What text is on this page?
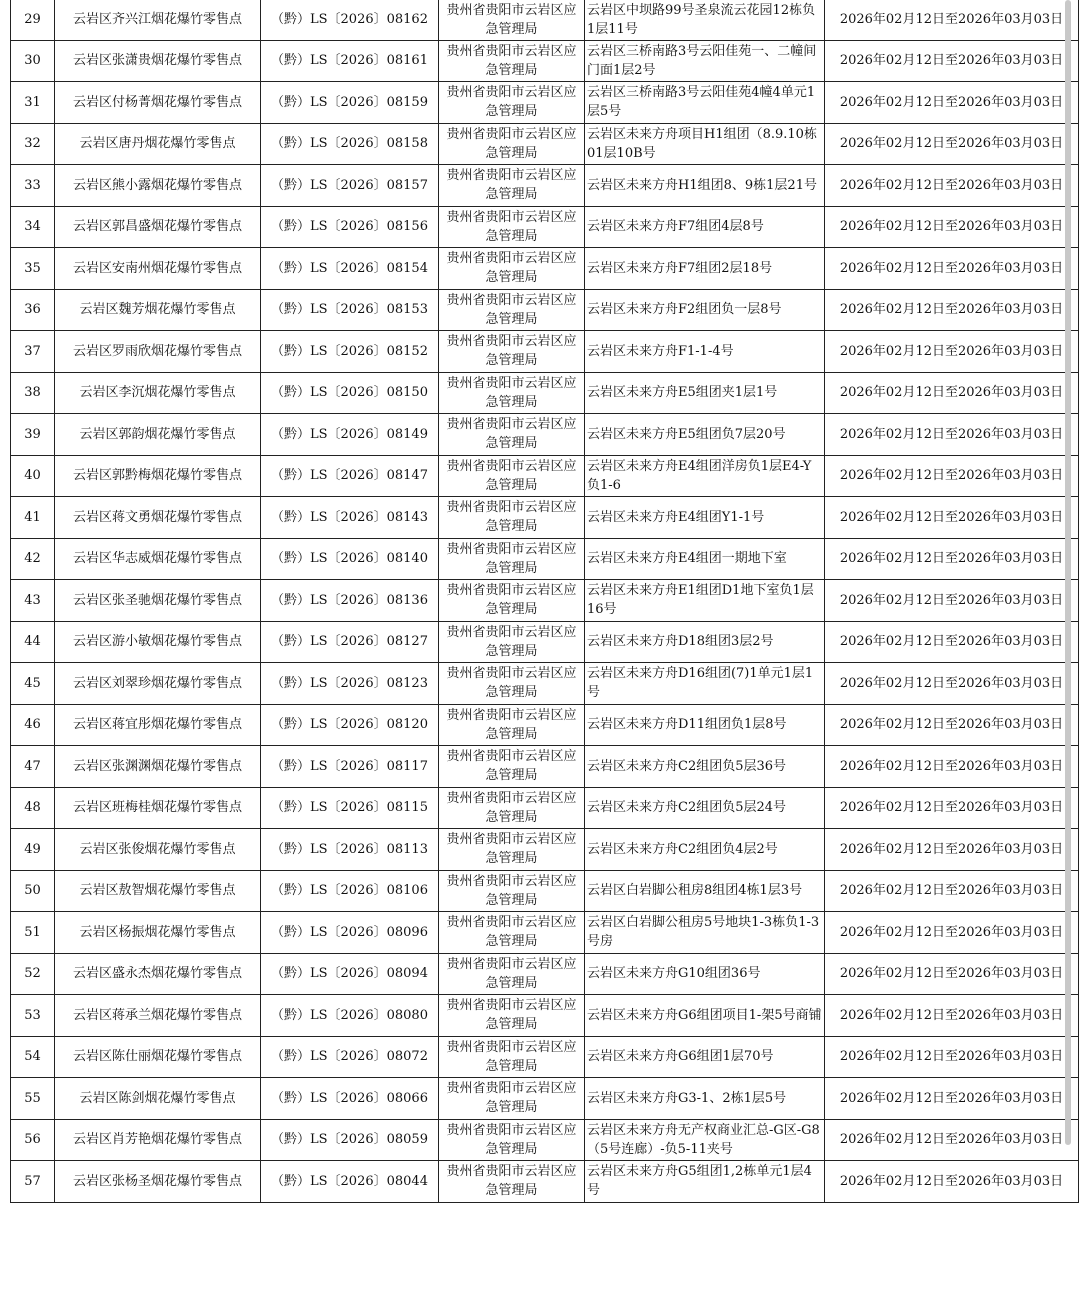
29	云岩区齐兴江烟花爆竹零售点	（黔）LS〔2026〕08162	贵州省贵阳市云岩区应急管理局	云岩区中坝路99号圣泉流云花园12栋负1层11号	2026年02月12日至2026年03月03日
30	云岩区张潇贵烟花爆竹零售点	（黔）LS〔2026〕08161	贵州省贵阳市云岩区应急管理局	云岩区三桥南路3号云阳佳苑一、二幢间门面1层2号	2026年02月12日至2026年03月03日
31	云岩区付杨菁烟花爆竹零售点	（黔）LS〔2026〕08159	贵州省贵阳市云岩区应急管理局	云岩区三桥南路3号云阳佳苑4幢4单元1层5号	2026年02月12日至2026年03月03日
32	云岩区唐丹烟花爆竹零售点	（黔）LS〔2026〕08158	贵州省贵阳市云岩区应急管理局	云岩区未来方舟项目H1组团（8.9.10栋01层10B号	2026年02月12日至2026年03月03日
33	云岩区熊小露烟花爆竹零售点	（黔）LS〔2026〕08157	贵州省贵阳市云岩区应急管理局	云岩区未来方舟H1组团8、9栋1层21号	2026年02月12日至2026年03月03日
34	云岩区郭昌盛烟花爆竹零售点	（黔）LS〔2026〕08156	贵州省贵阳市云岩区应急管理局	云岩区未来方舟F7组团4层8号	2026年02月12日至2026年03月03日
35	云岩区安南州烟花爆竹零售点	（黔）LS〔2026〕08154	贵州省贵阳市云岩区应急管理局	云岩区未来方舟F7组团2层18号	2026年02月12日至2026年03月03日
36	云岩区魏芳烟花爆竹零售点	（黔）LS〔2026〕08153	贵州省贵阳市云岩区应急管理局	云岩区未来方舟F2组团负一层8号	2026年02月12日至2026年03月03日
37	云岩区罗雨欣烟花爆竹零售点	（黔）LS〔2026〕08152	贵州省贵阳市云岩区应急管理局	云岩区未来方舟F1-1-4号	2026年02月12日至2026年03月03日
38	云岩区李沉烟花爆竹零售点	（黔）LS〔2026〕08150	贵州省贵阳市云岩区应急管理局	云岩区未来方舟E5组团夹1层1号	2026年02月12日至2026年03月03日
39	云岩区郭韵烟花爆竹零售点	（黔）LS〔2026〕08149	贵州省贵阳市云岩区应急管理局	云岩区未来方舟E5组团负7层20号	2026年02月12日至2026年03月03日
40	云岩区郭黔梅烟花爆竹零售点	（黔）LS〔2026〕08147	贵州省贵阳市云岩区应急管理局	云岩区未来方舟E4组团洋房负1层E4-Y负1-6	2026年02月12日至2026年03月03日
41	云岩区蒋文勇烟花爆竹零售点	（黔）LS〔2026〕08143	贵州省贵阳市云岩区应急管理局	云岩区未来方舟E4组团Y1-1号	2026年02月12日至2026年03月03日
42	云岩区华志威烟花爆竹零售点	（黔）LS〔2026〕08140	贵州省贵阳市云岩区应急管理局	云岩区未来方舟E4组团一期地下室	2026年02月12日至2026年03月03日
43	云岩区张圣驰烟花爆竹零售点	（黔）LS〔2026〕08136	贵州省贵阳市云岩区应急管理局	云岩区未来方舟E1组团D1地下室负1层16号	2026年02月12日至2026年03月03日
44	云岩区游小敏烟花爆竹零售点	（黔）LS〔2026〕08127	贵州省贵阳市云岩区应急管理局	云岩区未来方舟D18组团3层2号	2026年02月12日至2026年03月03日
45	云岩区刘翠珍烟花爆竹零售点	（黔）LS〔2026〕08123	贵州省贵阳市云岩区应急管理局	云岩区未来方舟D16组团(7)1单元1层1号	2026年02月12日至2026年03月03日
46	云岩区蒋宜彤烟花爆竹零售点	（黔）LS〔2026〕08120	贵州省贵阳市云岩区应急管理局	云岩区未来方舟D11组团负1层8号	2026年02月12日至2026年03月03日
47	云岩区张渊渊烟花爆竹零售点	（黔）LS〔2026〕08117	贵州省贵阳市云岩区应急管理局	云岩区未来方舟C2组团负5层36号	2026年02月12日至2026年03月03日
48	云岩区班梅桂烟花爆竹零售点	（黔）LS〔2026〕08115	贵州省贵阳市云岩区应急管理局	云岩区未来方舟C2组团负5层24号	2026年02月12日至2026年03月03日
49	云岩区张俊烟花爆竹零售点	（黔）LS〔2026〕08113	贵州省贵阳市云岩区应急管理局	云岩区未来方舟C2组团负4层2号	2026年02月12日至2026年03月03日
50	云岩区敖智烟花爆竹零售点	（黔）LS〔2026〕08106	贵州省贵阳市云岩区应急管理局	云岩区白岩脚公租房8组团4栋1层3号	2026年02月12日至2026年03月03日
51	云岩区杨振烟花爆竹零售点	（黔）LS〔2026〕08096	贵州省贵阳市云岩区应急管理局	云岩区白岩脚公租房5号地块1-3栋负1-3号房	2026年02月12日至2026年03月03日
52	云岩区盛永杰烟花爆竹零售点	（黔）LS〔2026〕08094	贵州省贵阳市云岩区应急管理局	云岩区未来方舟G10组团36号	2026年02月12日至2026年03月03日
53	云岩区蒋承兰烟花爆竹零售点	（黔）LS〔2026〕08080	贵州省贵阳市云岩区应急管理局	云岩区未来方舟G6组团项目1-架5号商铺	2026年02月12日至2026年03月03日
54	云岩区陈仕丽烟花爆竹零售点	（黔）LS〔2026〕08072	贵州省贵阳市云岩区应急管理局	云岩区未来方舟G6组团1层70号	2026年02月12日至2026年03月03日
55	云岩区陈剑烟花爆竹零售点	（黔）LS〔2026〕08066	贵州省贵阳市云岩区应急管理局	云岩区未来方舟G3-1、2栋1层5号	2026年02月12日至2026年03月03日
56	云岩区肖芳艳烟花爆竹零售点	（黔）LS〔2026〕08059	贵州省贵阳市云岩区应急管理局	云岩区未来方舟无产权商业汇总-G区-G8（5号连廊）-负5-11夹号	2026年02月12日至2026年03月03日
57	云岩区张杨圣烟花爆竹零售点	（黔）LS〔2026〕08044	贵州省贵阳市云岩区应急管理局	云岩区未来方舟G5组团1,2栋单元1层4号	2026年02月12日至2026年03月03日
